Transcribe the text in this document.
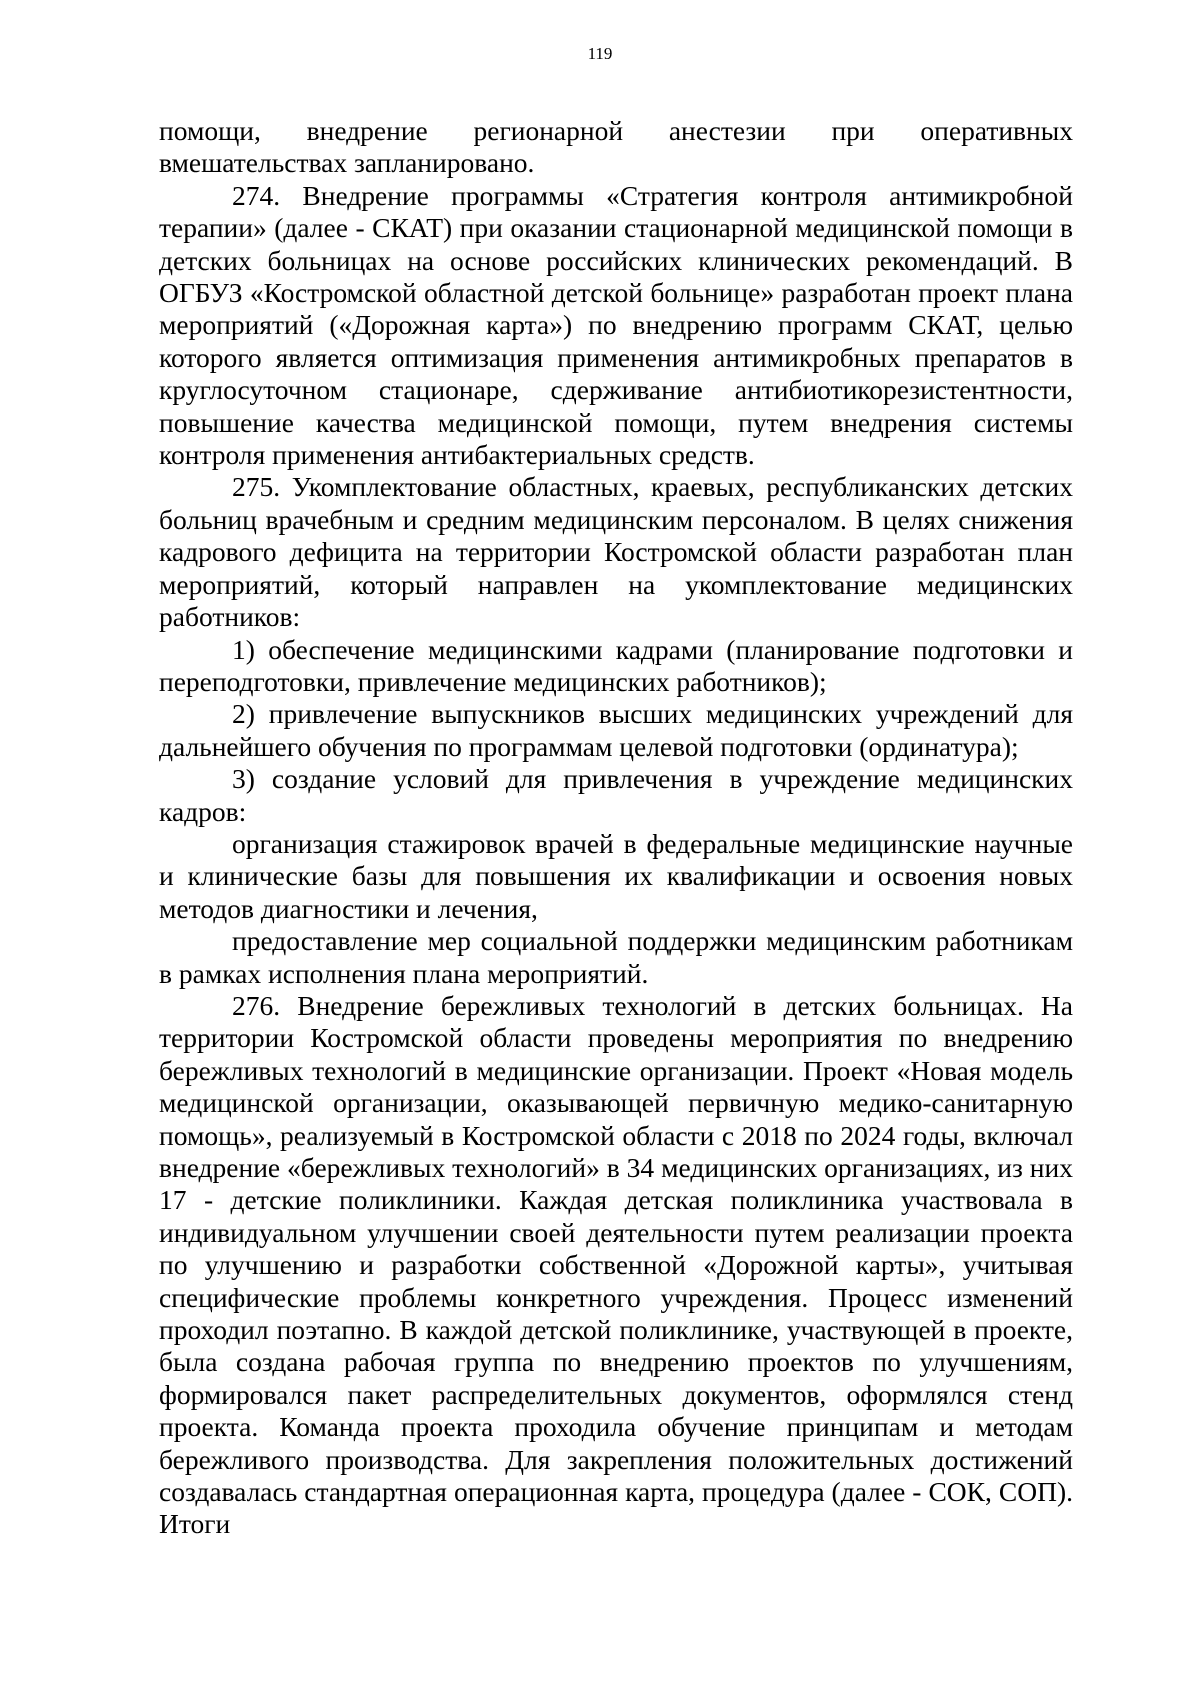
119

помощи, внедрение регионарной анестезии при оперативных вмешательствах запланировано.

274. Внедрение программы «Стратегия контроля антимикробной терапии» (далее - СКАТ) при оказании стационарной медицинской помощи в детских больницах на основе российских клинических рекомендаций. В ОГБУЗ «Костромской областной детской больнице» разработан проект плана мероприятий («Дорожная карта») по внедрению программ СКАТ, целью которого является оптимизация применения антимикробных препаратов в круглосуточном стационаре, сдерживание антибиотикорезистентности, повышение качества медицинской помощи, путем внедрения системы контроля применения антибактериальных средств.

275. Укомплектование областных, краевых, республиканских детских больниц врачебным и средним медицинским персоналом. В целях снижения кадрового дефицита на территории Костромской области разработан план мероприятий, который направлен на укомплектование медицинских работников:

1) обеспечение медицинскими кадрами (планирование подготовки и переподготовки, привлечение медицинских работников);

2) привлечение выпускников высших медицинских учреждений для дальнейшего обучения по программам целевой подготовки (ординатура);

3) создание условий для привлечения в учреждение медицинских кадров:

организация стажировок врачей в федеральные медицинские научные и клинические базы для повышения их квалификации и освоения новых методов диагностики и лечения,

предоставление мер социальной поддержки медицинским работникам в рамках исполнения плана мероприятий.

276. Внедрение бережливых технологий в детских больницах. На территории Костромской области проведены мероприятия по внедрению бережливых технологий в медицинские организации. Проект «Новая модель медицинской организации, оказывающей первичную медико-санитарную помощь», реализуемый в Костромской области с 2018 по 2024 годы, включал внедрение «бережливых технологий» в 34 медицинских организациях, из них 17 - детские поликлиники. Каждая детская поликлиника участвовала в индивидуальном улучшении своей деятельности путем реализации проекта по улучшению и разработки собственной «Дорожной карты», учитывая специфические проблемы конкретного учреждения. Процесс изменений проходил поэтапно. В каждой детской поликлинике, участвующей в проекте, была создана рабочая группа по внедрению проектов по улучшениям, формировался пакет распределительных документов, оформлялся стенд проекта. Команда проекта проходила обучение принципам и методам бережливого производства. Для закрепления положительных достижений создавалась стандартная операционная карта, процедура (далее - СОК, СОП). Итоги
